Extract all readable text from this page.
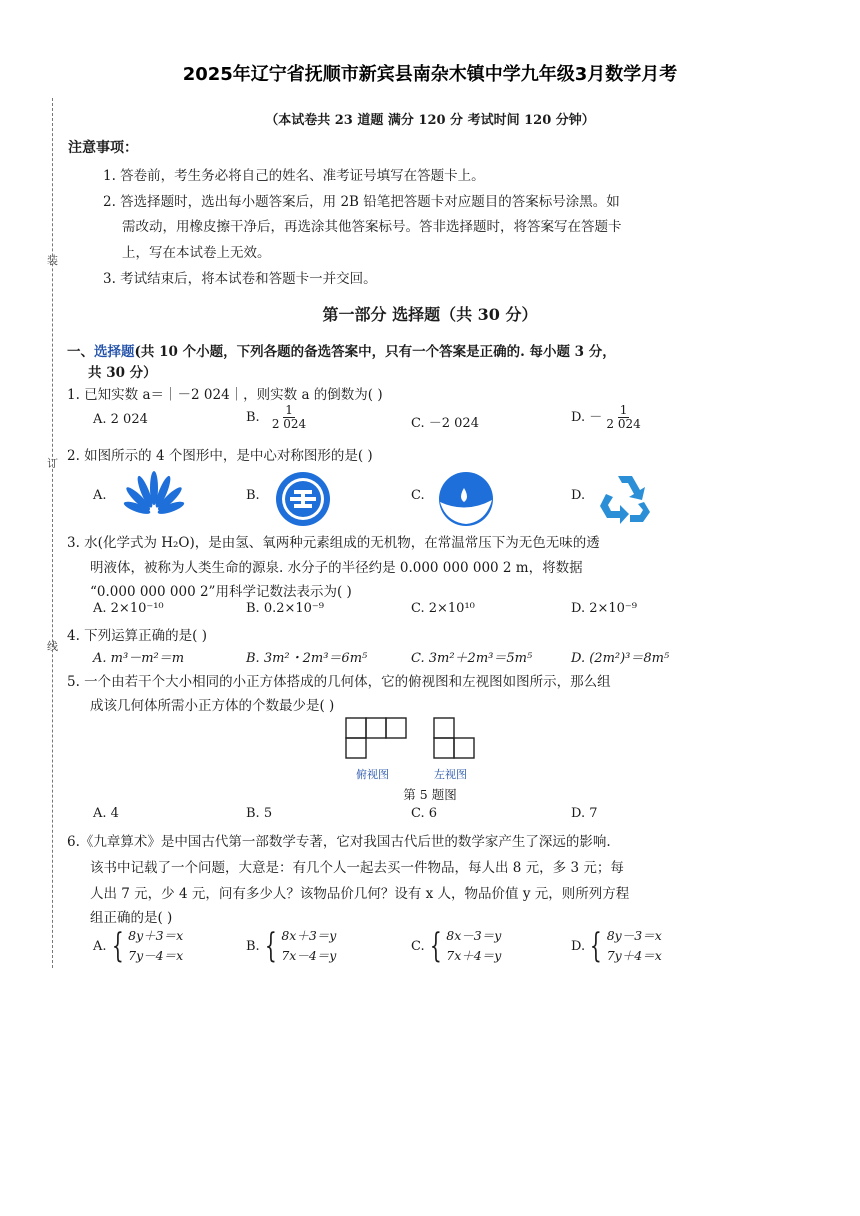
装
订
线
2025年辽宁省抚顺市新宾县南杂木镇中学九年级3月数学月考
（本试卷共 23 道题 满分 120 分 考试时间 120 分钟）
注意事项：
1. 答卷前，考生务必将自己的姓名、准考证号填写在答题卡上。
2. 答选择题时，选出每小题答案后，用 2B 铅笔把答题卡对应题目的答案标号涂黑。如
需改动，用橡皮擦干净后，再选涂其他答案标号。答非选择题时，将答案写在答题卡
上，写在本试卷上无效。
3. 考试结束后，将本试卷和答题卡一并交回。
第一部分 选择题（共 30 分）
一、选择题(共 10 个小题，下列各题的备选答案中，只有一个答案是正确的. 每小题 3 分，
共 30 分）
1. 已知实数 a＝｜－2 024｜，则实数 a 的倒数为( )
A. 2 024	B. $\frac{1}{2 024}$	C. －2 024	D. － $\frac{1}{2 024}$
2. 如图所示的 4 个图形中，是中心对称图形的是( )
A.	B.	C.	D.
3. 水(化学式为 H₂O)，是由氢、氧两种元素组成的无机物，在常温常压下为无色无味的透
明液体，被称为人类生命的源泉. 水分子的半径约是 0.000 000 000 2 m，将数据
“0.000 000 000 2”用科学记数法表示为( )
A. 2×10⁻¹⁰	B. 0.2×10⁻⁹	C. 2×10¹⁰	D. 2×10⁻⁹
4. 下列运算正确的是( )
A. m³－m²＝m	B. 3m²・2m³＝6m⁵	C. 3m²＋2m³＝5m⁵	D. (2m²)³＝8m⁵
5. 一个由若干个大小相同的小正方体搭成的几何体，它的俯视图和左视图如图所示，那么组
成该几何体所需小正方体的个数最少是( )
俯视图	左视图
第 5 题图
A. 4	B. 5	C. 6	D. 7
6.《九章算术》是中国古代第一部数学专著，它对我国古代后世的数学家产生了深远的影响.
该书中记载了一个问题，大意是：有几个人一起去买一件物品，每人出 8 元，多 3 元；每
人出 7 元，少 4 元，问有多少人？该物品价几何？设有 x 人，物品价值 y 元，则所列方程
组正确的是( )
A. { 8y＋3＝x
7y－4＝x
B. { 8x＋3＝y
7x－4＝y
C. { 8x－3＝y
7x＋4＝y
D. { 8y－3＝x
7y＋4＝x
